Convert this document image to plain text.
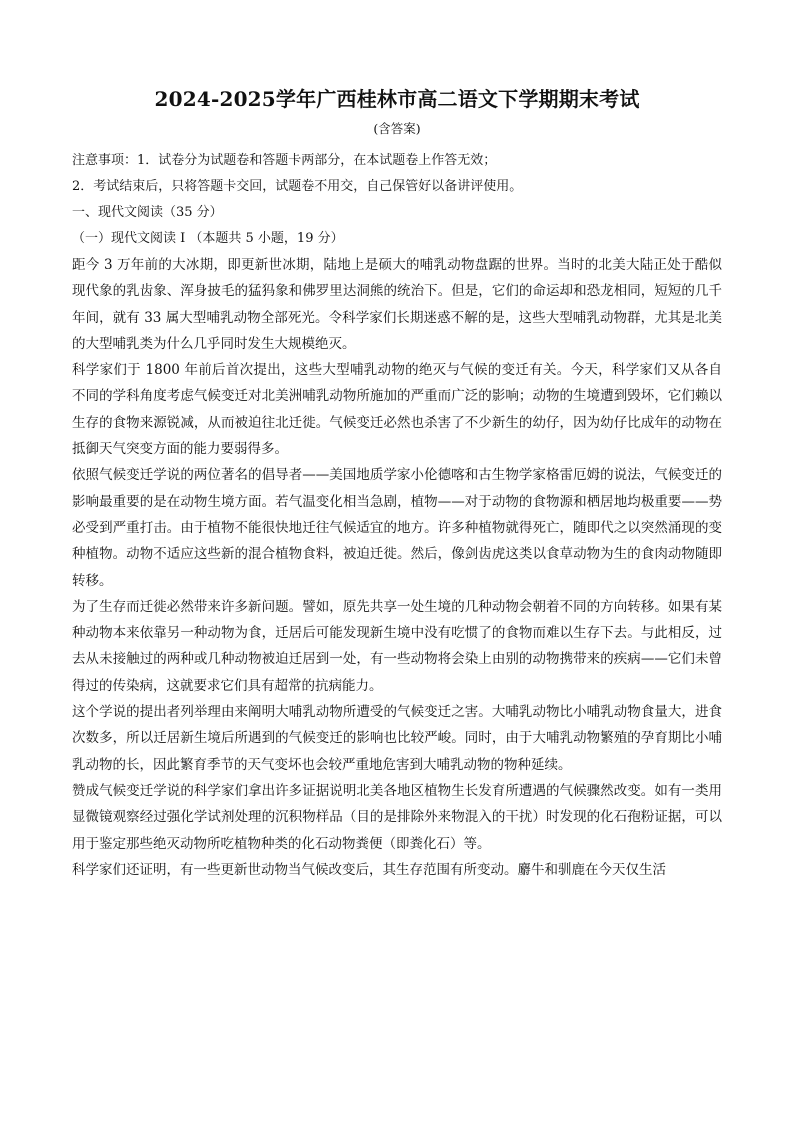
2024-2025学年广西桂林市高二语文下学期期末考试

(含答案)

注意事项：1．试卷分为试题卷和答题卡两部分，在本试题卷上作答无效；

2．考试结束后，只将答题卡交回，试题卷不用交，自己保管好以备讲评使用。

一、现代文阅读（35 分）

（一）现代文阅读 I （本题共 5 小题，19 分）

距今 3 万年前的大冰期，即更新世冰期，陆地上是硕大的哺乳动物盘踞的世界。当时的北美大陆正处于酷似现代象的乳齿象、浑身披毛的猛犸象和佛罗里达洞熊的统治下。但是，它们的命运却和恐龙相同，短短的几千年间，就有 33 属大型哺乳动物全部死光。令科学家们长期迷惑不解的是，这些大型哺乳动物群，尤其是北美的大型哺乳类为什么几乎同时发生大规模绝灭。

科学家们于 1800 年前后首次提出，这些大型哺乳动物的绝灭与气候的变迁有关。今天，科学家们又从各自不同的学科角度考虑气候变迁对北美洲哺乳动物所施加的严重而广泛的影响；动物的生境遭到毁坏，它们赖以生存的食物来源锐减，从而被迫往北迁徙。气候变迁必然也杀害了不少新生的幼仔，因为幼仔比成年的动物在抵御天气突变方面的能力要弱得多。

依照气候变迁学说的两位著名的倡导者——美国地质学家小伦德喀和古生物学家格雷厄姆的说法，气候变迁的影响最重要的是在动物生境方面。若气温变化相当急剧，植物——对于动物的食物源和栖居地均极重要——势必受到严重打击。由于植物不能很快地迁往气候适宜的地方。许多种植物就得死亡，随即代之以突然涌现的变种植物。动物不适应这些新的混合植物食料，被迫迁徙。然后，像剑齿虎这类以食草动物为生的食肉动物随即转移。

为了生存而迁徙必然带来许多新问题。譬如，原先共享一处生境的几种动物会朝着不同的方向转移。如果有某种动物本来依靠另一种动物为食，迁居后可能发现新生境中没有吃惯了的食物而难以生存下去。与此相反，过去从未接触过的两种或几种动物被迫迁居到一处，有一些动物将会染上由别的动物携带来的疾病——它们未曾得过的传染病，这就要求它们具有超常的抗病能力。

这个学说的提出者列举理由来阐明大哺乳动物所遭受的气候变迁之害。大哺乳动物比小哺乳动物食量大，进食次数多，所以迁居新生境后所遇到的气候变迁的影响也比较严峻。同时，由于大哺乳动物繁殖的孕育期比小哺乳动物的长，因此繁育季节的天气变坏也会较严重地危害到大哺乳动物的物种延续。

赞成气候变迁学说的科学家们拿出许多证据说明北美各地区植物生长发育所遭遇的气候骤然改变。如有一类用显微镜观察经过强化学试剂处理的沉积物样品（目的是排除外来物混入的干扰）时发现的化石孢粉证据，可以用于鉴定那些绝灭动物所吃植物种类的化石动物粪便（即粪化石）等。

科学家们还证明，有一些更新世动物当气候改变后，其生存范围有所变动。麝牛和驯鹿在今天仅生活
